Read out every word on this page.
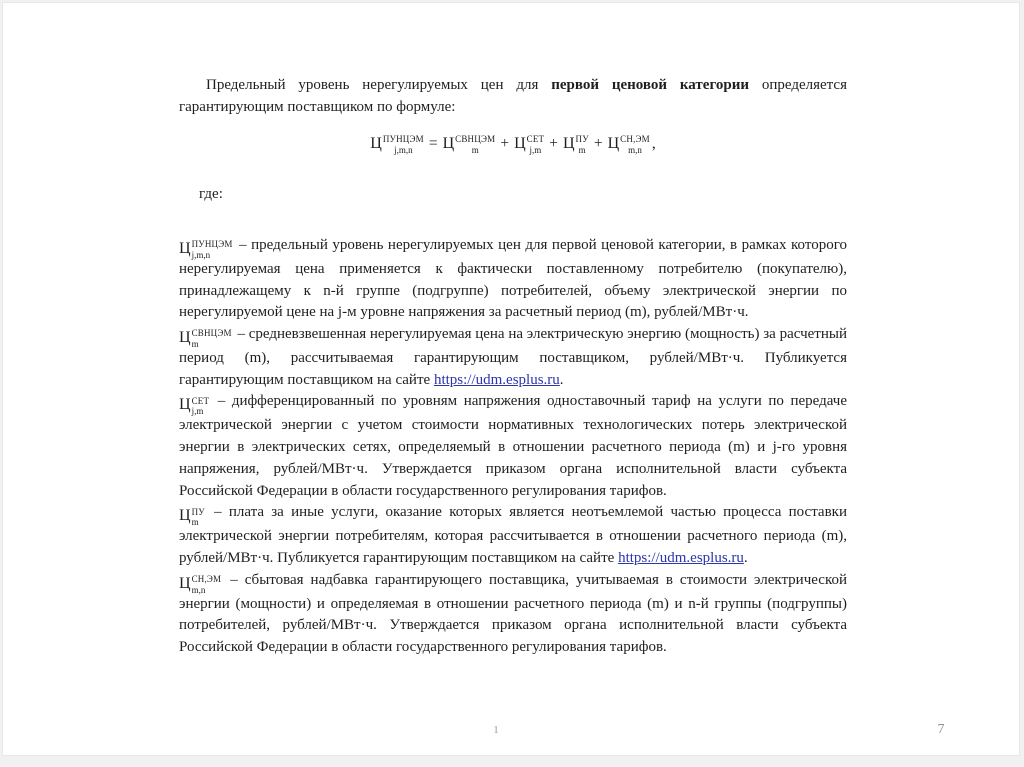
Предельный уровень нерегулируемых цен для первой ценовой категории определяется гарантирующим поставщиком по формуле:

Ц ПУНЦЭМ
j,m,n	= Ц СВНЦЭМ
m	+ Ц СЕТ
j,m + Ц ПУ
m + Ц СН,ЭМ
m,n ,

где:

Ц ПУНЦЭМ
j,m,n
– предельный уровень нерегулируемых цен для первой ценовой категории, в рамках которого нерегулируемая цена применяется к фактически поставленному потребителю (покупателю), принадлежащему к n-й группе (подгруппе) потребителей, объему электрической энергии по нерегулируемой цене на j-м уровне напряжения за расчетный период (m), рублей/МВт·ч.

Ц СВНЦЭМ
m
– средневзвешенная нерегулируемая цена на электрическую энергию (мощность) за расчетный период (m), рассчитываемая гарантирующим поставщиком, рублей/МВт·ч. Публикуется гарантирующим поставщиком на сайте https://udm.esplus.ru.

Ц СЕТ
j,m
– дифференцированный по уровням напряжения одноставочный тариф на услуги по передаче электрической энергии с учетом стоимости нормативных технологических потерь электрической энергии в электрических сетях, определяемый в отношении расчетного периода (m) и j-го уровня напряжения, рублей/МВт·ч. Утверждается приказом органа исполнительной власти субъекта Российской Федерации в области государственного регулирования тарифов.

Ц ПУ
m
– плата за иные услуги, оказание которых является неотъемлемой частью процесса поставки электрической энергии потребителям, которая рассчитывается в отношении расчетного периода (m), рублей/МВт·ч. Публикуется гарантирующим поставщиком на сайте https://udm.esplus.ru.

Ц СН,ЭМ
m,n
– сбытовая надбавка гарантирующего поставщика, учитываемая в стоимости электрической энергии (мощности) и определяемая в отношении расчетного периода (m) и n-й группы (подгруппы) потребителей, рублей/МВт·ч. Утверждается приказом органа исполнительной власти субъекта Российской Федерации в области государственного регулирования тарифов.

1	7
